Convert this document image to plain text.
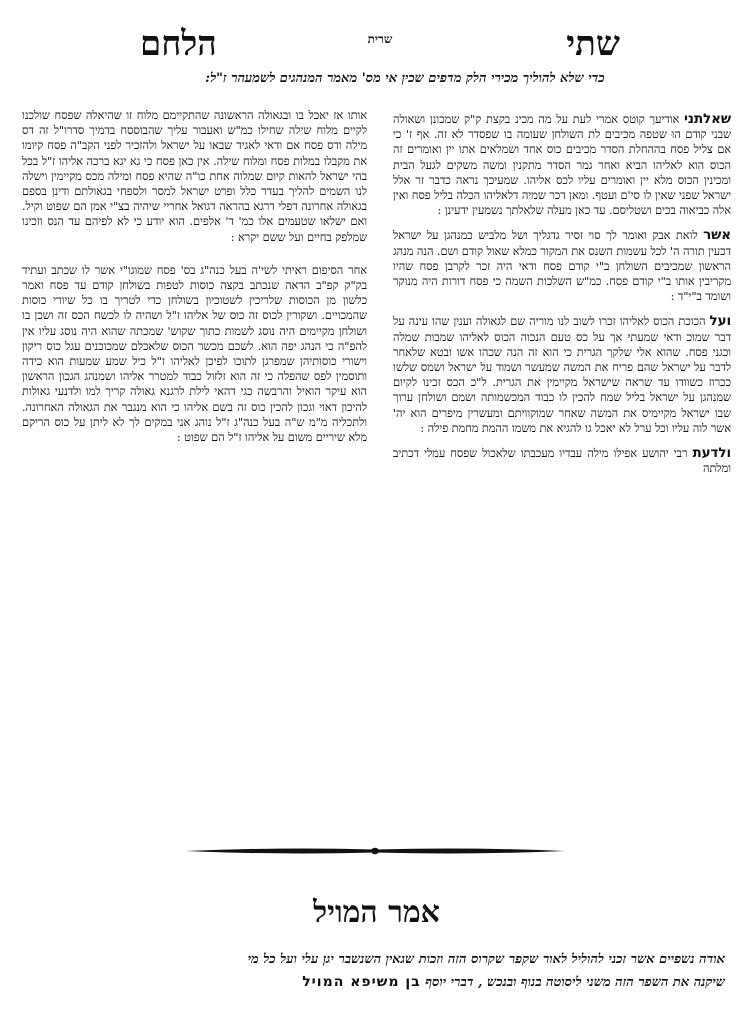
שתי
שרית
הלחם
כדי שלא להוליך מכירי הלק מדפים שכין אי מס' מאמר המנהגים לשמעהר ז"ל:

שאלתני אודיעך קוטס אמרי לעת על מה מכינ בקצת ק"ק שמכונן ושאולה שבני קודם הוּ שטפה מכיבים לת השולחן שעומה בו שפסדר לא זה. אף ז' כי אם צליל פסח בההחלת הסדר מכיבים כוס אחד ושמלאים אתו יין ואומרים זה הכוס הוא לאליהו הביא ואחר גמר הסדר מתקנין ומשה משקים לגעל הבית ומכינין הכוס מלא יין ואומרים עליו לכס אליהו. שמעיכך נראה כדבר זר אלל ישראל שפני שאין לו סי'ם ועטף. ומאן דכר שמיה דלאליהו הכלה בליל פסח ואין אלה כביאוה בכים ושטליסם. עד כאן מעלה שלאלתך נשמעין ידעינן :

אשר לואת אבק ואומר לך סוי זסיר גדגליך ושל מלביש כמנהגן על ישראל דכעין תורה ה' לכל עשמות השנס את המקור כמלא שאול קודם ושם. הנה מנהג הראשון שמכיבים השולחן ב"י קודם פסח ודאי היה זכר לקרבן פסח שהיו מקריבין אותו ב"י קודם פסח. כמ"ש השלכות השמה כי פסח דורות היה מנוקר ושומד ב"י"ד :

ועל הכוכת הכוס לאליהו זכרו לשוב לנו מוריה שם לגאולה וענין שהו עינה על דבר שמוכ ודאי שמעתי אך על כס טעם הנכוה הכוס לאליהו שמבות שמלה וכגני פסח. שהוא אלי שלקך הגרית כי הוא זה הנה שכהו אשו ובטא שלאחר לדבר על ישראל שהם פריח את המשה שמעשר ושמוד על ישראל ושמס שלשו ככרוז כשוודו עד שראה שישראל מקיימין את הגרית. ל"כ הכס זכינו לקיום שמנהגן על ישראל בליל שמח להכין לו כבוד המכשמותה ושמם ושולחן ערוך שבו ישראל מקיימיס את המשה שאחר שמוקוויתם ומעשרין מיפרים הוא יה' אשר לוה עליו וכל ערל לא יאכל גו להגיא את משמו ההמת מחמת פילה :

ולדעת רבי יהושע אפילו מילה עבדיו מעכבתו שלאכול שפסח עמלי דכתיב ומלתה

אותו אז יאכל בו ובגאולה הראשונה שהתקיימם מלוח זו שהיאלה שפסח שולכנו לקיים מלוח שילה שחילו כמ"ש ואעבור עליך שהבוססח בדמיך סדרו"ל זה דס מילה ודס פסח אם ודאי לאגיד שבאו על ישראל ולהזכיר לפני הקב"ה פסח קיומו את מקבלו במלות פסח ומלוח שילה. אין כאן פסח כי גא יגא ברכה אליהו ז"ל בכל בהי ישראל להאות קיום שמלוה אחת כו"ה שהיא פסח ומילה מכס מקיימין וישלה לנו השמים להליך בעדר כלל ופרט ישראל למסר ולספחי בגאולתם ודינן בספם בגאולה אחרונה דפלי דרגא בהראה דגואל אחריי שיהיה בצ"י אמן הם שפוט וקיל. ואם ישלאו שטעמים אלו כמ' ד' אלפים. הוא יודע כי לא לפיהם עד הנס וזכינו שמלפק בחיים ועל ששם יקרא :

אחר הסיפום ראיתי לשי'ה בעל כנה"ג בס' פסח שמוגו"י אשר לו שכתב ועתיד בק"ק קפ"ב הדאה שנכתב בקצה כוסות לטפות בשולחן קודם עד פסח ואמר כלשון מן הכוסות שלריכין לשטוכיון בשולחן כדי לטריך בו כל שיורי כוסות שהמכויים. ושקורין לכוס זה כוס של אליהו ז"ל ושהיה לו לכשח הכס זה ושכן בו ושולחן מקיימים היה נוסג לשמות כתוך שקוש' שמכתה שהוא היה נוסג עליו אין להפ"ה כי הנהג יפה הוא. לשכם מכשר הכוס שלאכלם שמכוכנים עגל כוס ריקון וישורי כוסותיהן שמפרגן לתוכו לפיכן לאליהו ז"ל כיל שמע שמעות הוא כידה ותוסמין לפס שהפלה כי זה הוא זלזול כבוד למטרר אליהו ושמנהג הגכון הראשון הוא עיקר הואיל והרבשה כגי דהאי לילת לרגנא גאולה קריך למו ולדנעי גאולות להיכון דאוי וגכון להכין כוס זה בשם אליהו כי הוא מנגבר את הגאולה האחרונה. ולתכליה מ"מ ש"ה בעל כנה"ג ז"ל נוהג אני במקים לך לא ליתן על כוס הריקם מלא שיריים משום על אליהו ז"ל הם שפוט :

אמר המויל
אודה נשפיים אשר זכני להוליל לאור שקפר שקרוס הזה וזכות שגאין השנשבר יגן עלי ועל כל מי
שיקנה את השפר הזה משני ליסוטה בנוף ובנכש , דברי יוסף בן משיפא המויל
